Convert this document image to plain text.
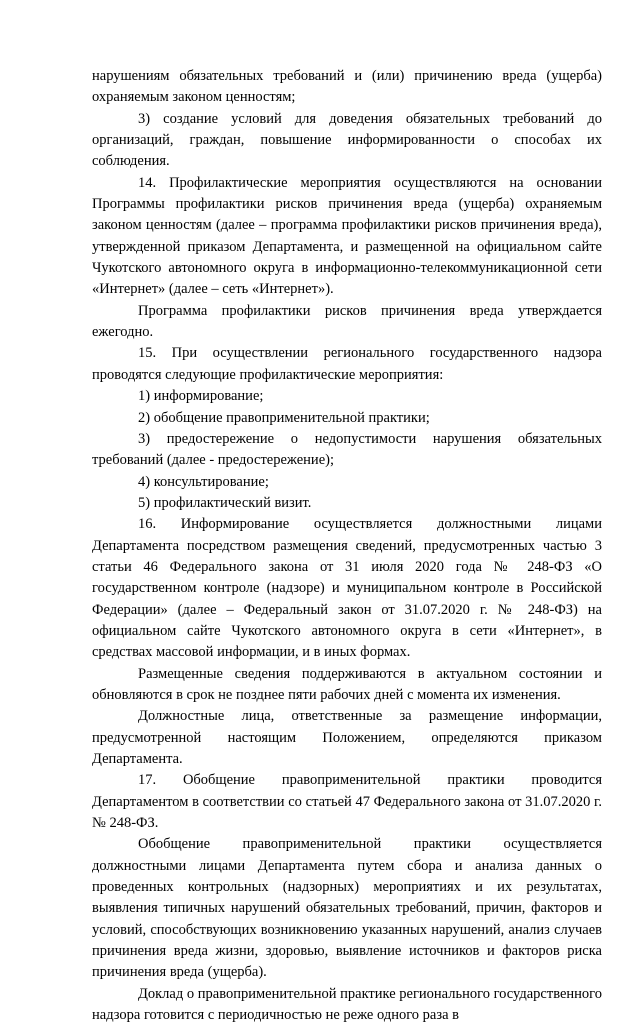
нарушениям обязательных требований и (или) причинению вреда (ущерба) охраняемым законом ценностям;

3) создание условий для доведения обязательных требований до организаций, граждан, повышение информированности о способах их соблюдения.

14. Профилактические мероприятия осуществляются на основании Программы профилактики рисков причинения вреда (ущерба) охраняемым законом ценностям (далее – программа профилактики рисков причинения вреда), утвержденной приказом Департамента, и размещенной на официальном сайте Чукотского автономного округа в информационно-телекоммуникационной сети «Интернет» (далее – сеть «Интернет»).

Программа профилактики рисков причинения вреда утверждается ежегодно.

15. При осуществлении регионального государственного надзора проводятся следующие профилактические мероприятия:

1) информирование;

2) обобщение правоприменительной практики;

3) предостережение о недопустимости нарушения обязательных требований (далее - предостережение);

4) консультирование;

5) профилактический визит.

16. Информирование осуществляется должностными лицами Департамента посредством размещения сведений, предусмотренных частью 3 статьи 46 Федерального закона от 31 июля 2020 года № 248-ФЗ «О государственном контроле (надзоре) и муниципальном контроле в Российской Федерации» (далее – Федеральный закон от 31.07.2020 г. № 248-ФЗ) на официальном сайте Чукотского автономного округа в сети «Интернет», в средствах массовой информации, и в иных формах.

Размещенные сведения поддерживаются в актуальном состоянии и обновляются в срок не позднее пяти рабочих дней с момента их изменения.

Должностные лица, ответственные за размещение информации, предусмотренной настоящим Положением, определяются приказом Департамента.

17. Обобщение правоприменительной практики проводится Департаментом в соответствии со статьей 47 Федерального закона от 31.07.2020 г. № 248-ФЗ.

Обобщение правоприменительной практики осуществляется должностными лицами Департамента путем сбора и анализа данных о проведенных контрольных (надзорных) мероприятиях и их результатах, выявления типичных нарушений обязательных требований, причин, факторов и условий, способствующих возникновению указанных нарушений, анализ случаев причинения вреда жизни, здоровью, выявление источников и факторов риска причинения вреда (ущерба).

Доклад о правоприменительной практике регионального государственного надзора готовится с периодичностью не реже одного раза в
